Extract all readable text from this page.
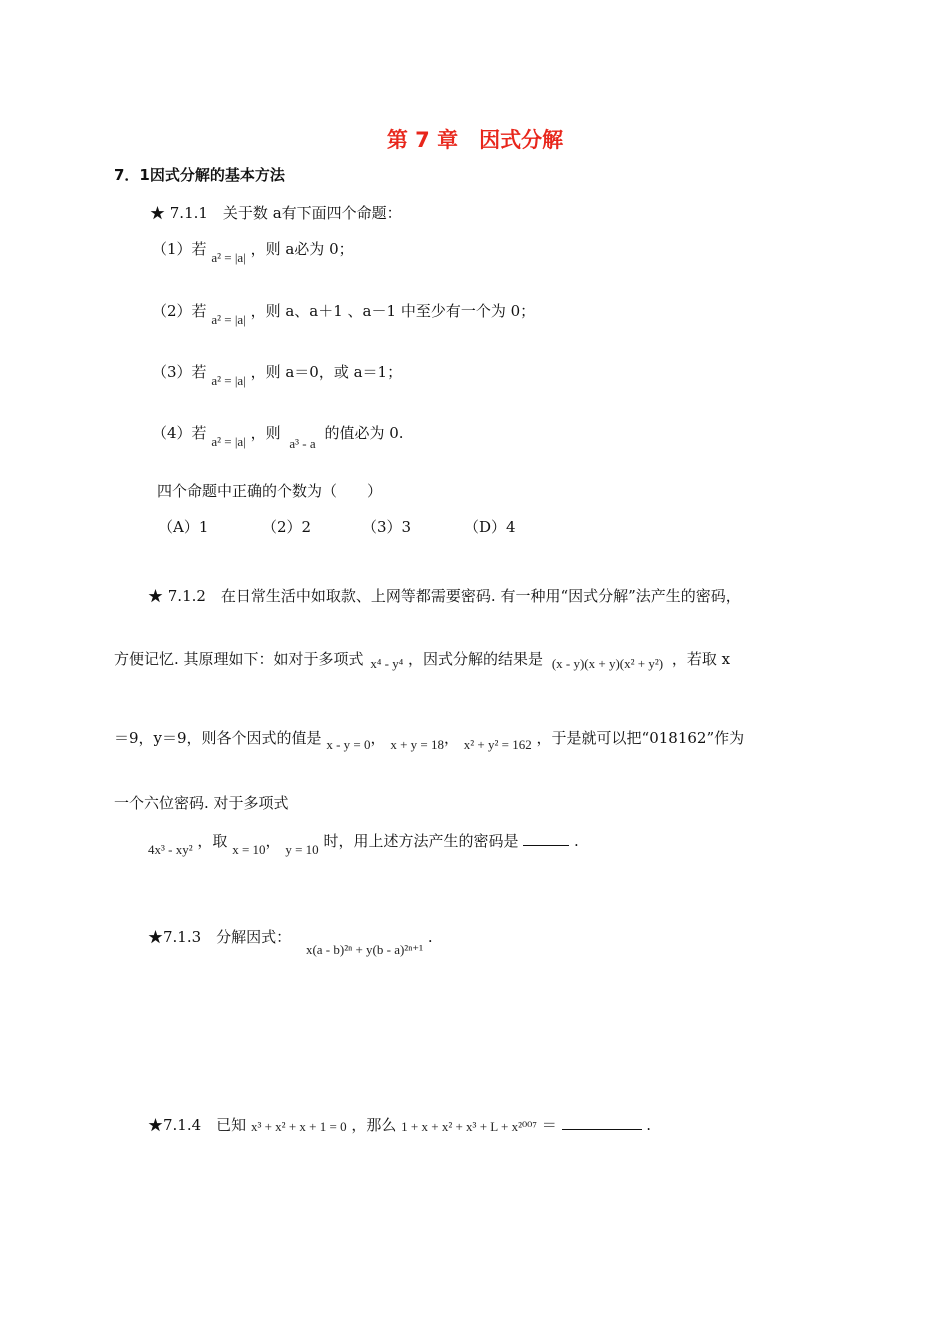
第 7 章　因式分解
7．1因式分解的基本方法
★ 7.1.1　关于数 a有下面四个命题：
（1）若 a² = |a| ，则 a必为 0；
（2）若 a² = |a| ，则 a、a＋1 、a－1 中至少有一个为 0；
（3）若 a² = |a| ，则 a＝0，或 a＝1；
（4）若 a² = |a| ，则 a³ - a 的值必为 0.
四个命题中正确的个数为（　　）
（A）1	（2）2	（3）3	（D）4
★ 7.1.2　在日常生活中如取款、上网等都需要密码. 有一种用“因式分解”法产生的密码，
方便记忆. 其原理如下：如对于多项式 x⁴ - y⁴ ，因式分解的结果是 (x - y)(x + y)(x² + y²) ，若取 x
＝9，y＝9，则各个因式的值是 x - y = 0， x + y = 18， x² + y² = 162 ，于是就可以把“018162”作为
一个六位密码. 对于多项式
4x³ - xy² ，取 x = 10， y = 10 时，用上述方法产生的密码是	.
★7.1.3　分解因式： x(a - b)²ⁿ + y(b - a)²ⁿ⁺¹ .
★7.1.4　已知 x³ + x² + x + 1 = 0 ，那么 1 + x + x² + x³ + L + x²⁰⁰⁷ ＝	.
